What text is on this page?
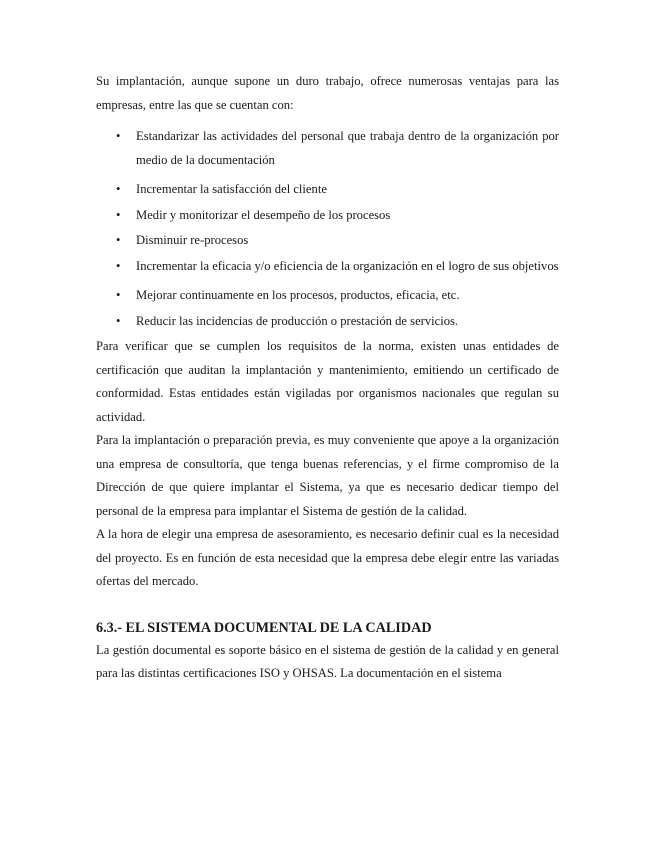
Su implantación, aunque supone un duro trabajo, ofrece numerosas ventajas para las empresas, entre las que se cuentan con:

• Estandarizar las actividades del personal que trabaja dentro de la organización por medio de la documentación
• Incrementar la satisfacción del cliente
• Medir y monitorizar el desempeño de los procesos
• Disminuir re-procesos
• Incrementar la eficacia y/o eficiencia de la organización en el logro de sus objetivos
• Mejorar continuamente en los procesos, productos, eficacia, etc.
• Reducir las incidencias de producción o prestación de servicios.

Para verificar que se cumplen los requisitos de la norma, existen unas entidades de certificación que auditan la implantación y mantenimiento, emitiendo un certificado de conformidad. Estas entidades están vigiladas por organismos nacionales que regulan su actividad.

Para la implantación o preparación previa, es muy conveniente que apoye a la organización una empresa de consultoría, que tenga buenas referencias, y el firme compromiso de la Dirección de que quiere implantar el Sistema, ya que es necesario dedicar tiempo del personal de la empresa para implantar el Sistema de gestión de la calidad.

A la hora de elegir una empresa de asesoramiento, es necesario definir cual es la necesidad del proyecto. Es en función de esta necesidad que la empresa debe elegir entre las variadas ofertas del mercado.

6.3.- EL SISTEMA DOCUMENTAL DE LA CALIDAD

La gestión documental es soporte básico en el sistema de gestión de la calidad y en general para las distintas certificaciones ISO y OHSAS. La documentación en el sistema
